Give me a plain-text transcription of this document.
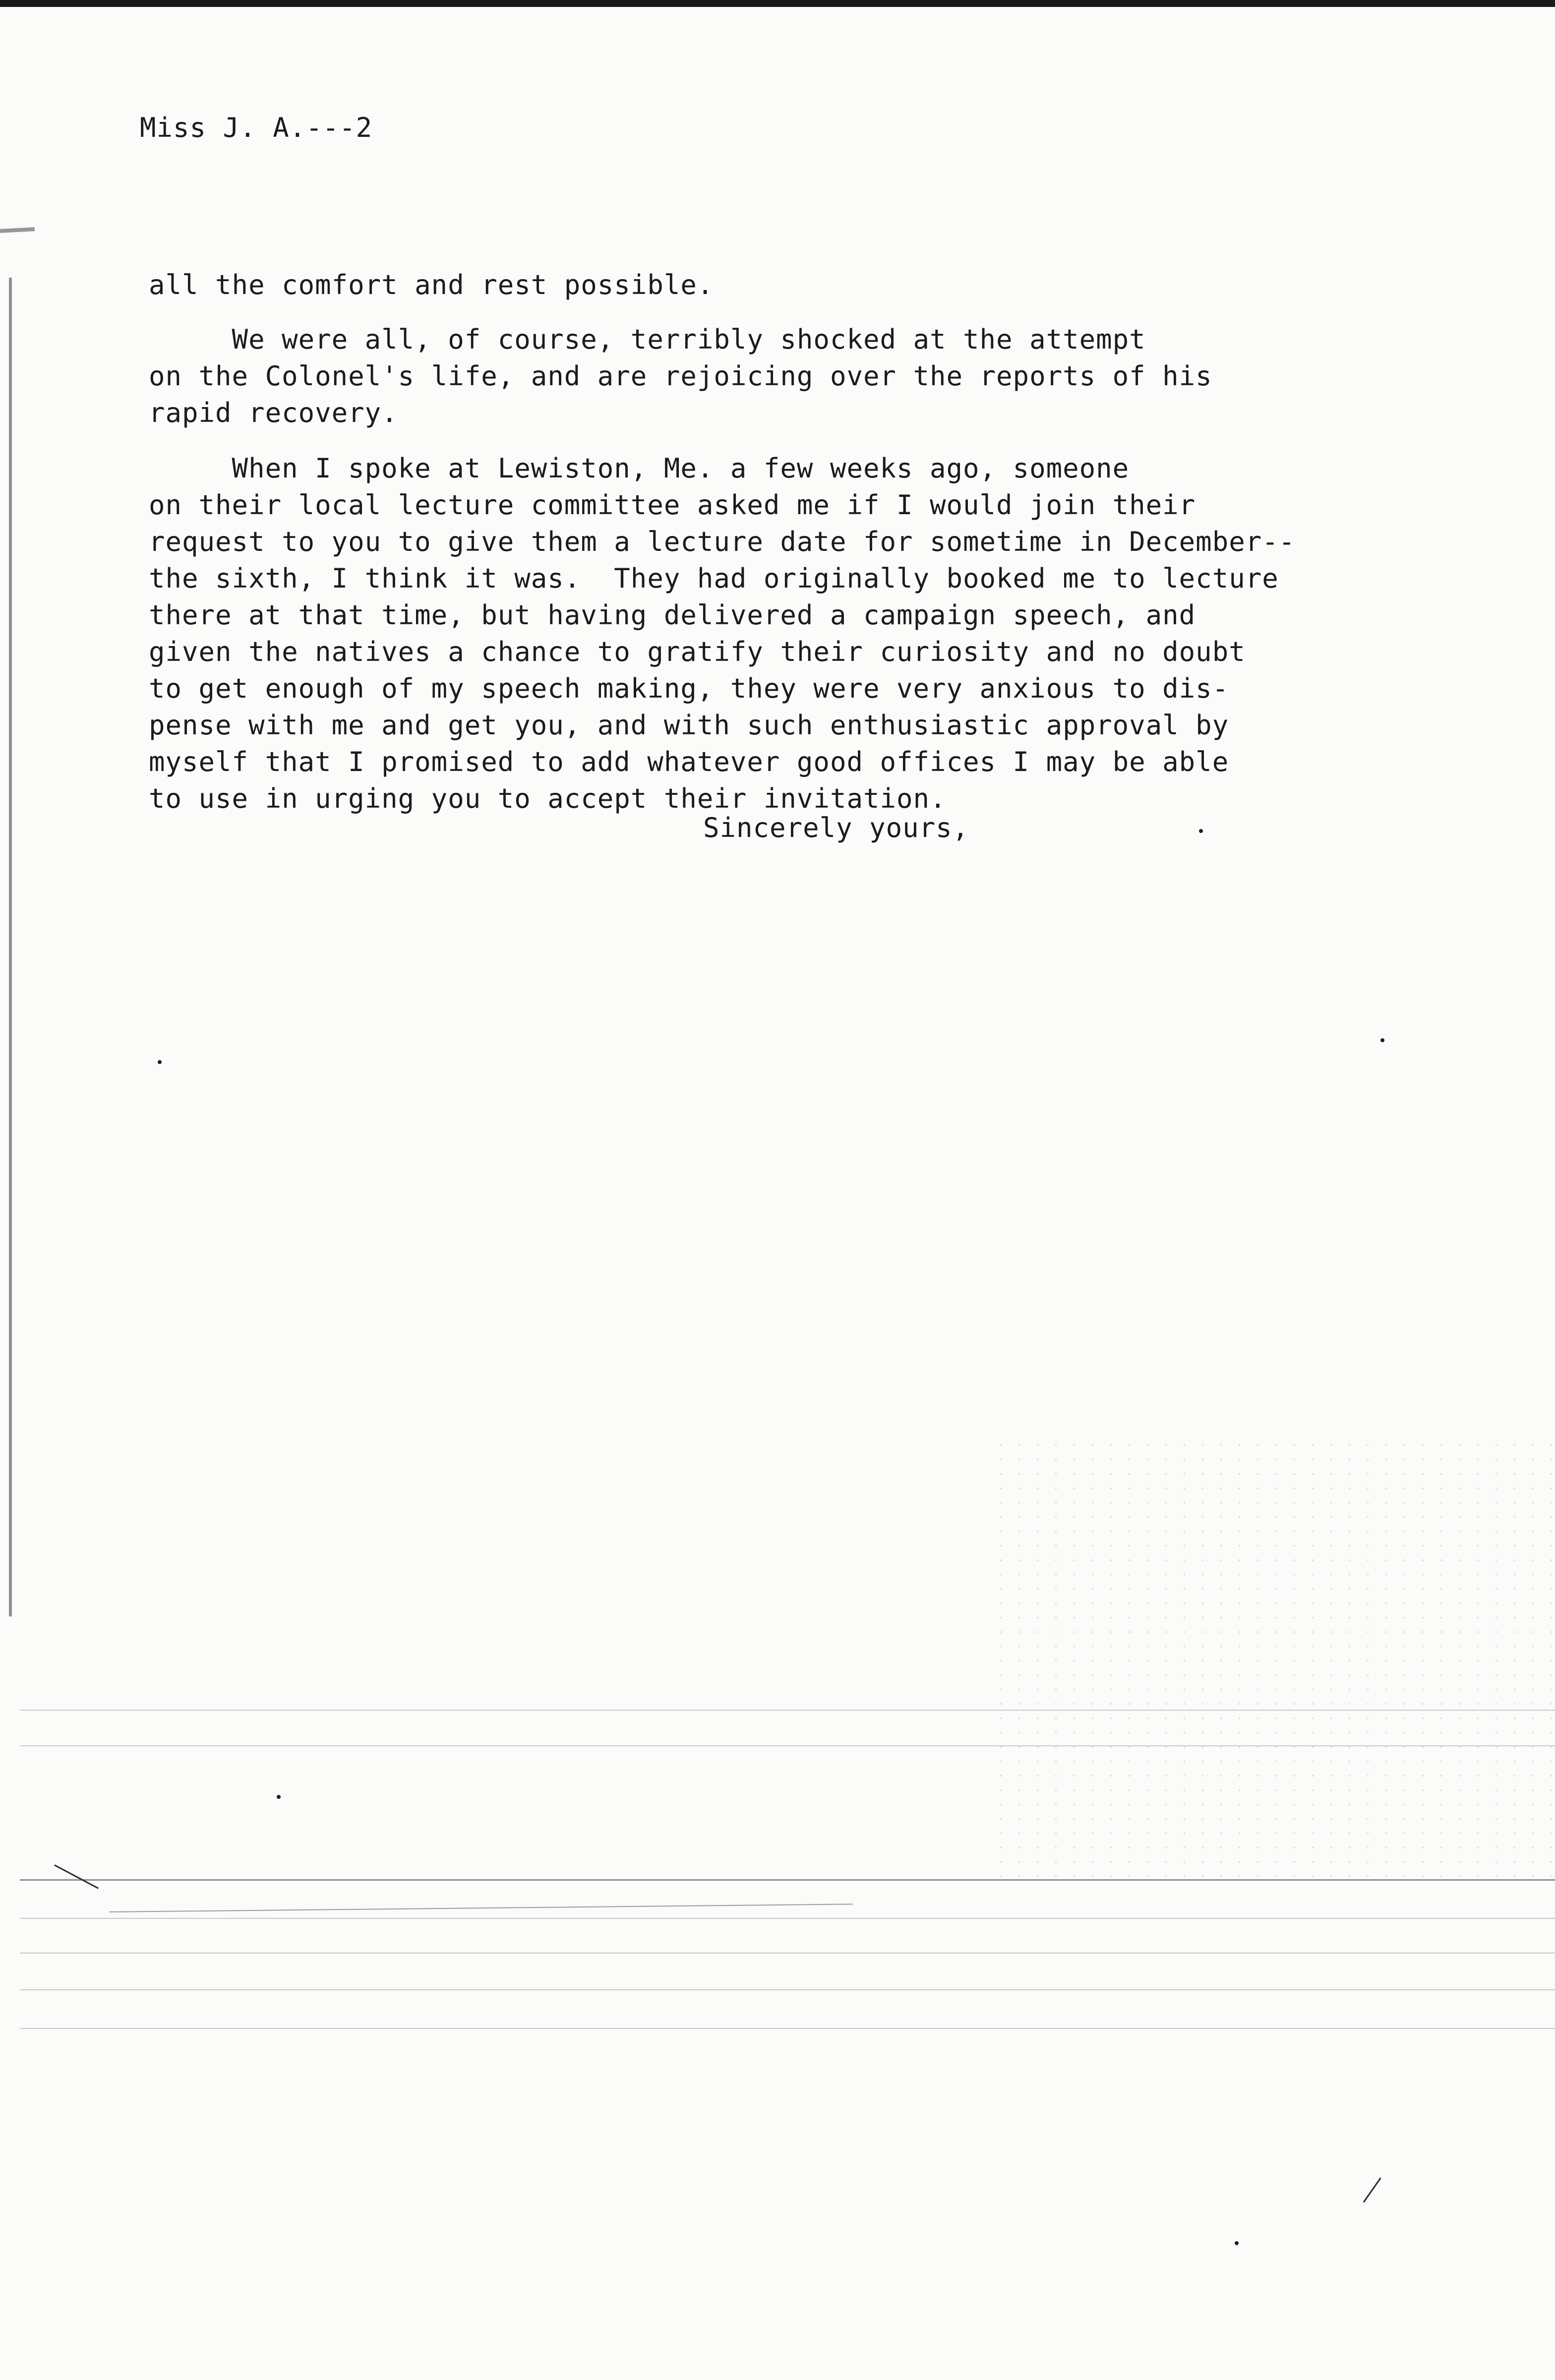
Miss J. A.---2
all the comfort and rest possible.
We were all, of course, terribly shocked at the attempt
on the Colonel's life, and are rejoicing over the reports of his
rapid recovery.
When I spoke at Lewiston, Me. a few weeks ago, someone
on their local lecture committee asked me if I would join their
request to you to give them a lecture date for sometime in December--
the sixth, I think it was.  They had originally booked me to lecture
there at that time, but having delivered a campaign speech, and
given the natives a chance to gratify their curiosity and no doubt
to get enough of my speech making, they were very anxious to dis-
pense with me and get you, and with such enthusiastic approval by
myself that I promised to add whatever good offices I may be able
to use in urging you to accept their invitation.
Sincerely yours,
